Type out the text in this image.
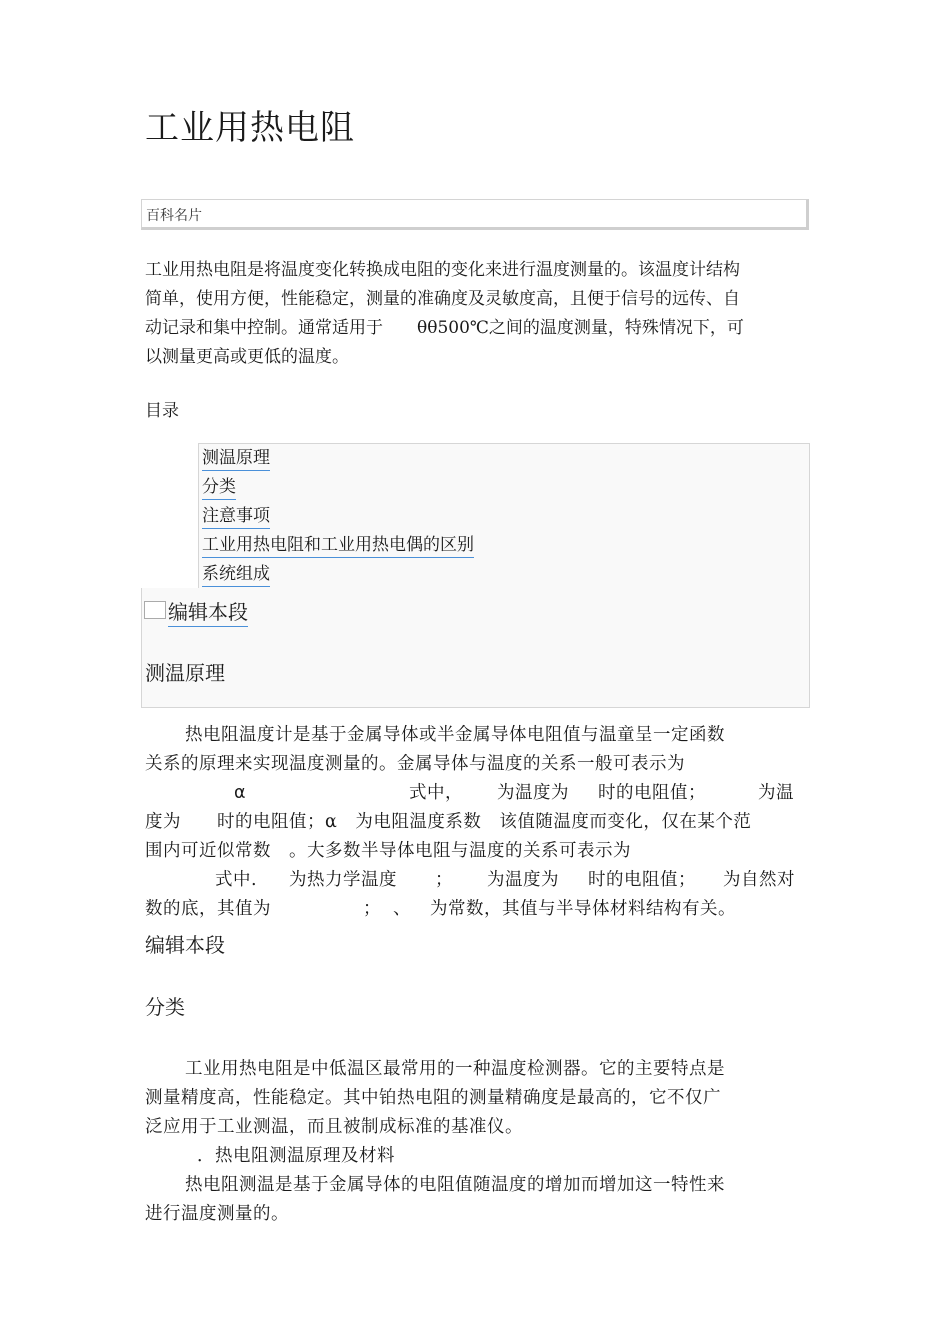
工业用热电阻
百科名片
工业用热电阻是将温度变化转换成电阻的变化来进行温度测量的。该温度计结构
简单，使用方便，性能稳定，测量的准确度及灵敏度高，且便于信号的远传、自
动记录和集中控制。通常适用于　　θθ500℃之间的温度测量，特殊情况下，可
以测量更高或更低的温度。
目录
测温原理
分类
注意事项
工业用热电阻和工业用热电偶的区别
系统组成
编辑本段
测温原理
热电阻温度计是基于金属导体或半金属导体电阻值与温童呈一定函数
关系的原理来实现温度测量的。金属导体与温度的关系一般可表示为
α	式中， 为温度为 时的电阻值；	为温
度为　　时的电阻值；α　为电阻温度系数　该值随温度而变化，仅在某个范
围内可近似常数　。大多数半导体电阻与温度的关系可表示为
式中. 为热力学温度 ； 为温度为 时的电阻值； 为自然对
数的底，其值为	； 、 为常数，其值与半导体材料结构有关。
编辑本段
分类
工业用热电阻是中低温区最常用的一种温度检测器。它的主要特点是
测量精度高，性能稳定。其中铂热电阻的测量精确度是最高的，它不仅广
泛应用于工业测温，而且被制成标准的基准仪。
．热电阻测温原理及材料
热电阻测温是基于金属导体的电阻值随温度的增加而增加这一特性来
进行温度测量的。
